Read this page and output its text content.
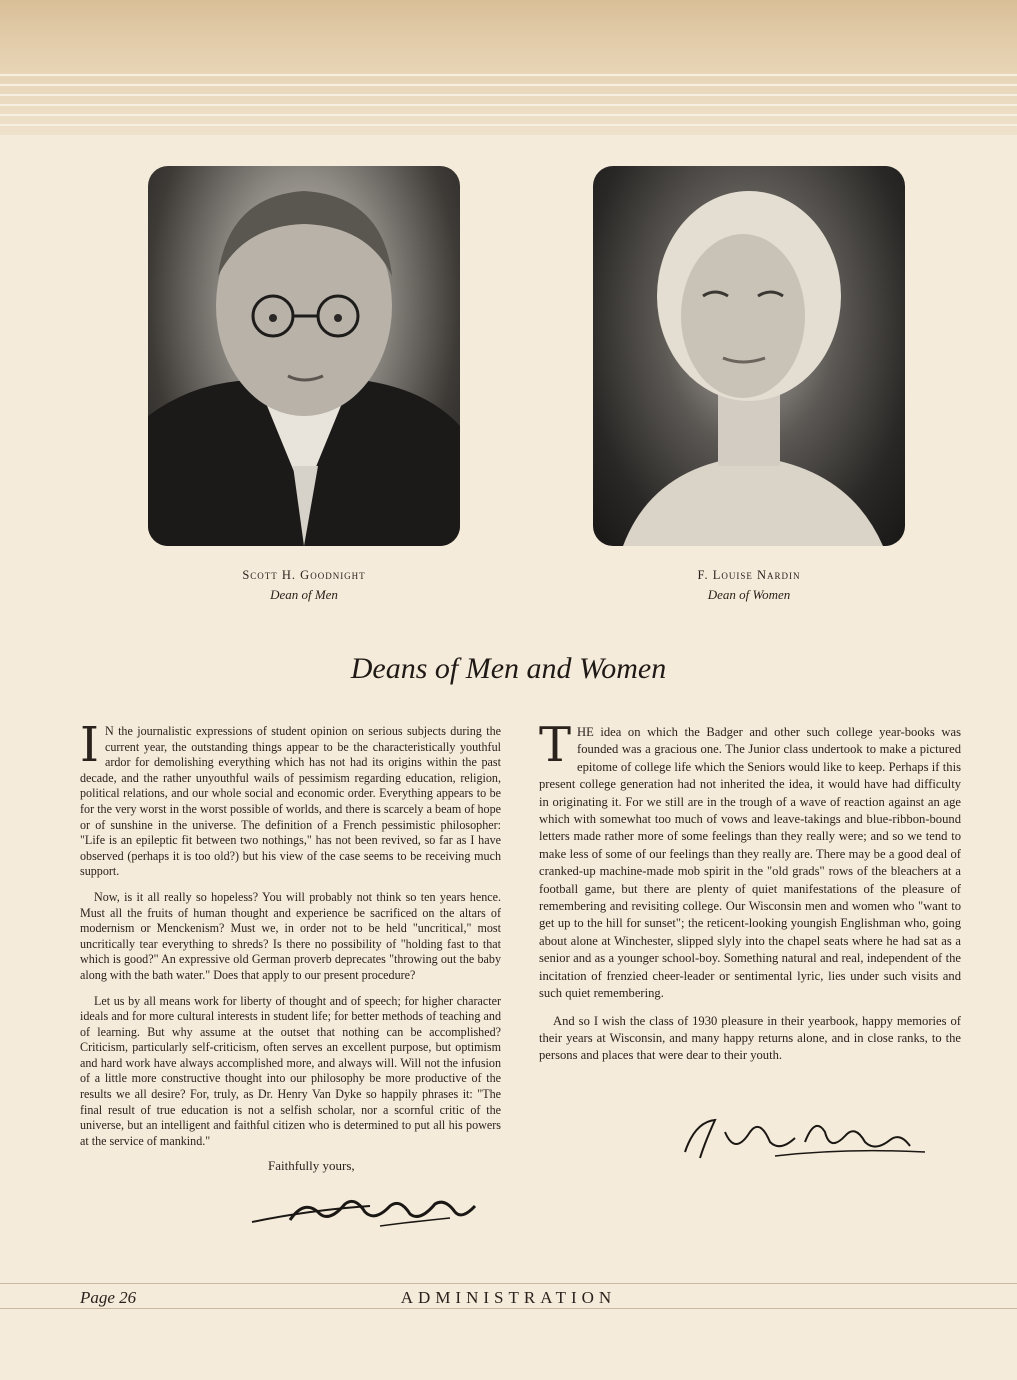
Scott H. Goodnight
Dean of Men
F. Louise Nardin
Dean of Women
Deans of Men and Women

I N the journalistic expressions of student opinion on serious subjects during the current year, the outstanding things appear to be the characteristically youthful ardor for demolishing everything which has not had its origins within the past decade, and the rather unyouthful wails of pessimism regarding education, religion, political relations, and our whole social and economic order. Everything appears to be for the very worst in the worst possible of worlds, and there is scarcely a beam of hope or of sunshine in the universe. The definition of a French pessimistic philosopher: "Life is an epileptic fit between two nothings," has not been revived, so far as I have observed (perhaps it is too old?) but his view of the case seems to be receiving much support.

Now, is it all really so hopeless? You will probably not think so ten years hence. Must all the fruits of human thought and experience be sacrificed on the altars of modernism or Menckenism? Must we, in order not to be held "uncritical," most uncritically tear everything to shreds? Is there no possibility of "holding fast to that which is good?" An expressive old German proverb deprecates "throwing out the baby along with the bath water." Does that apply to our present procedure?

Let us by all means work for liberty of thought and of speech; for higher character ideals and for more cultural interests in student life; for better methods of teaching and of learning. But why assume at the outset that nothing can be accomplished? Criticism, particularly self-criticism, often serves an excellent purpose, but optimism and hard work have always accomplished more, and always will. Will not the infusion of a little more constructive thought into our philosophy be more productive of the results we all desire? For, truly, as Dr. Henry Van Dyke so happily phrases it: "The final result of true education is not a selfish scholar, nor a scornful critic of the universe, but an intelligent and faithful citizen who is determined to put all his powers at the service of mankind."

Faithfully yours,

THE idea on which the Badger and other such college year-books was founded was a gracious one. The Junior class undertook to make a pictured epitome of college life which the Seniors would like to keep. Perhaps if this present college generation had not inherited the idea, it would have had difficulty in originating it. For we still are in the trough of a wave of reaction against an age which with somewhat too much of vows and leave-takings and blue-ribbon-bound letters made rather more of some feelings than they really were; and so we tend to make less of some of our feelings than they really are. There may be a good deal of cranked-up machine-made mob spirit in the "old grads" rows of the bleachers at a football game, but there are plenty of quiet manifestations of the pleasure of remembering and revisiting college. Our Wisconsin men and women who "want to get up to the hill for sunset"; the reticent-looking youngish Englishman who, going about alone at Winchester, slipped slyly into the chapel seats where he had sat as a senior and as a younger school-boy. Something natural and real, independent of the incitation of frenzied cheer-leader or sentimental lyric, lies under such visits and such quiet remembering.

And so I wish the class of 1930 pleasure in their yearbook, happy memories of their years at Wisconsin, and many happy returns alone, and in close ranks, to the persons and places that were dear to their youth.

Page 26	ADMINISTRATION
